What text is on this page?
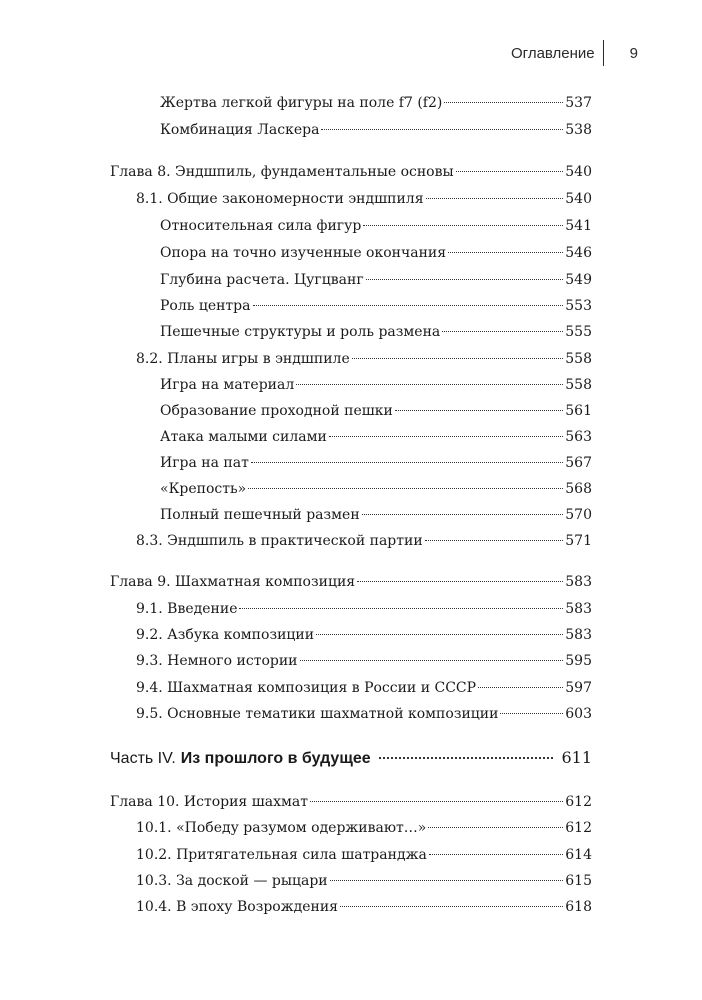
Оглавление 9
Жертва легкой фигуры на поле f7 (f2)	537
Комбинация Ласкера	538
Глава 8. Эндшпиль, фундаментальные основы	540
8.1. Общие закономерности эндшпиля	540
Относительная сила фигур	541
Опора на точно изученные окончания	546
Глубина расчета. Цугцванг	549
Роль центра	553
Пешечные структуры и роль размена	555
8.2. Планы игры в эндшпиле	558
Игра на материал	558
Образование проходной пешки	561
Атака малыми силами	563
Игра на пат	567
«Крепость»	568
Полный пешечный размен	570
8.3. Эндшпиль в практической партии	571
Глава 9. Шахматная композиция	583
9.1. Введение	583
9.2. Азбука композиции	583
9.3. Немного истории	595
9.4. Шахматная композиция в России и СССР	597
9.5. Основные тематики шахматной композиции	603
Часть IV. Из прошлого в будущее	611
Глава 10. История шахмат	612
10.1. «Победу разумом одерживают…»	612
10.2. Притягательная сила шатранджа	614
10.3. За доской — рыцари	615
10.4. В эпоху Возрождения	618
